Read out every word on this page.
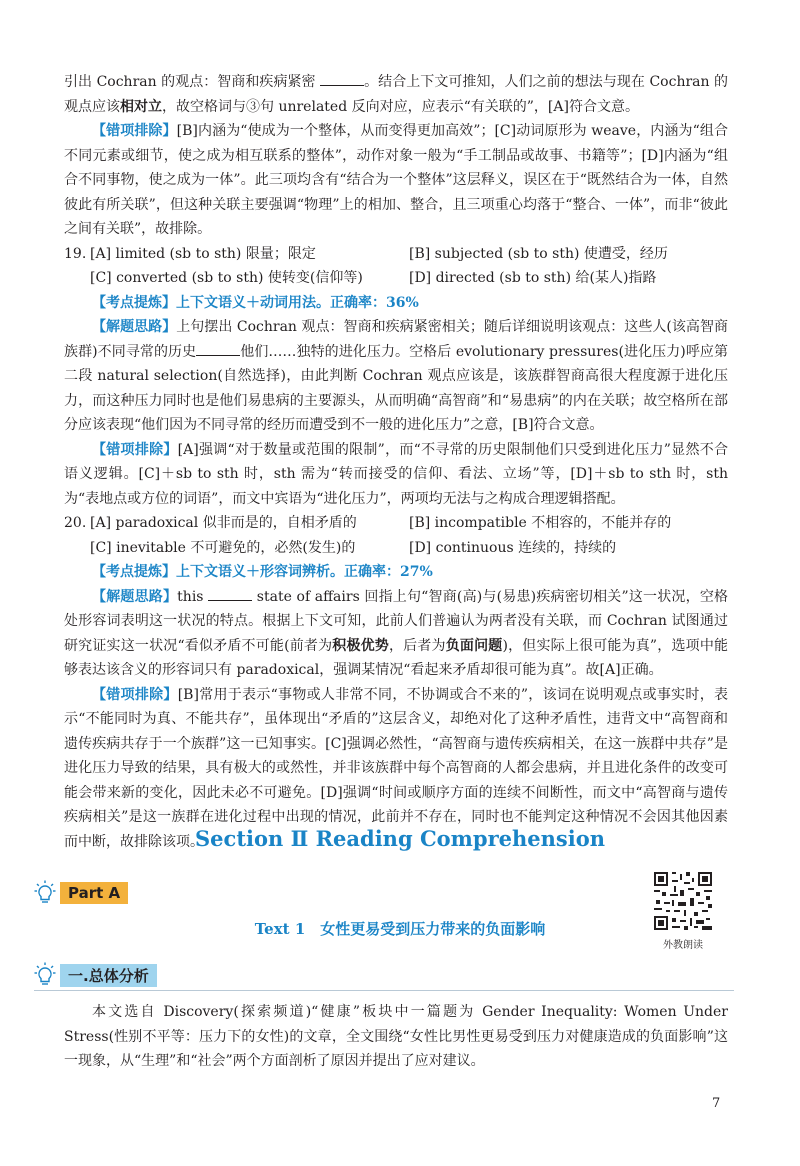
引出 Cochran 的观点：智商和疾病紧密	。结合上下文可推知，人们之前的想法与现在 Cochran 的观点应该相对立，故空格词与③句 unrelated 反向对应，应表示“有关联的”，[A]符合文意。

【错项排除】[B]内涵为“使成为一个整体，从而变得更加高效”；[C]动词原形为 weave，内涵为“组合不同元素或细节，使之成为相互联系的整体”，动作对象一般为“手工制品或故事、书籍等”；[D]内涵为“组合不同事物，使之成为一体”。此三项均含有“结合为一个整体”这层释义，误区在于“既然结合为一体，自然彼此有所关联”，但这种关联主要强调“物理”上的相加、整合，且三项重心均落于“整合、一体”，而非“彼此之间有关联”，故排除。

19. [A] limited (sb to sth) 限量；限定	[B] subjected (sb to sth) 使遭受，经历
[C] converted (sb to sth) 使转变(信仰等)	[D] directed (sb to sth) 给(某人)指路

【考点提炼】上下文语义＋动词用法。正确率：36%

【解题思路】上句摆出 Cochran 观点：智商和疾病紧密相关；随后详细说明该观点：这些人(该高智商族群)不同寻常的历史	他们……独特的进化压力。空格后 evolutionary pressures(进化压力)呼应第二段 natural selection(自然选择)，由此判断 Cochran 观点应该是，该族群智商高很大程度源于进化压力，而这种压力同时也是他们易患病的主要源头，从而明确“高智商”和“易患病”的内在关联；故空格所在部分应该表现“他们因为不同寻常的经历而遭受到不一般的进化压力”之意，[B]符合文意。

【错项排除】[A]强调“对于数量或范围的限制”，而“不寻常的历史限制他们只受到进化压力”显然不合语义逻辑。[C]＋sb to sth 时，sth 需为“转而接受的信仰、看法、立场”等，[D]＋sb to sth 时，sth 为“表地点或方位的词语”，而文中宾语为“进化压力”，两项均无法与之构成合理逻辑搭配。

20. [A] paradoxical 似非而是的，自相矛盾的	[B] incompatible 不相容的，不能并存的
[C] inevitable 不可避免的，必然(发生)的	[D] continuous 连续的，持续的

【考点提炼】上下文语义＋形容词辨析。正确率：27%

【解题思路】this	state of affairs 回指上句“智商(高)与(易患)疾病密切相关”这一状况，空格处形容词表明这一状况的特点。根据上下文可知，此前人们普遍认为两者没有关联，而 Cochran 试图通过研究证实这一状况“看似矛盾不可能(前者为积极优势，后者为负面问题)，但实际上很可能为真”，选项中能够表达该含义的形容词只有 paradoxical，强调某情况“看起来矛盾却很可能为真”。故[A]正确。

【错项排除】[B]常用于表示“事物或人非常不同，不协调或合不来的”，该词在说明观点或事实时，表示“不能同时为真、不能共存”，虽体现出“矛盾的”这层含义，却绝对化了这种矛盾性，违背文中“高智商和遗传疾病共存于一个族群”这一已知事实。[C]强调必然性，“高智商与遗传疾病相关，在这一族群中共存”是进化压力导致的结果，具有极大的或然性，并非该族群中每个高智商的人都会患病，并且进化条件的改变可能会带来新的变化，因此未必不可避免。[D]强调“时间或顺序方面的连续不间断性，而文中“高智商与遗传疾病相关”是这一族群在进化过程中出现的情况，此前并不存在，同时也不能判定这种情况不会因其他因素而中断，故排除该项。

Section Ⅱ Reading Comprehension
Part A
Text 1　女性更易受到压力带来的负面影响
外教朗读
一.总体分析

本文选自 Discovery(探索频道)“健康”板块中一篇题为 Gender Inequality: Women Under Stress(性别不平等：压力下的女性)的文章，全文围绕“女性比男性更易受到压力对健康造成的负面影响”这一现象，从“生理”和“社会”两个方面剖析了原因并提出了应对建议。

7
